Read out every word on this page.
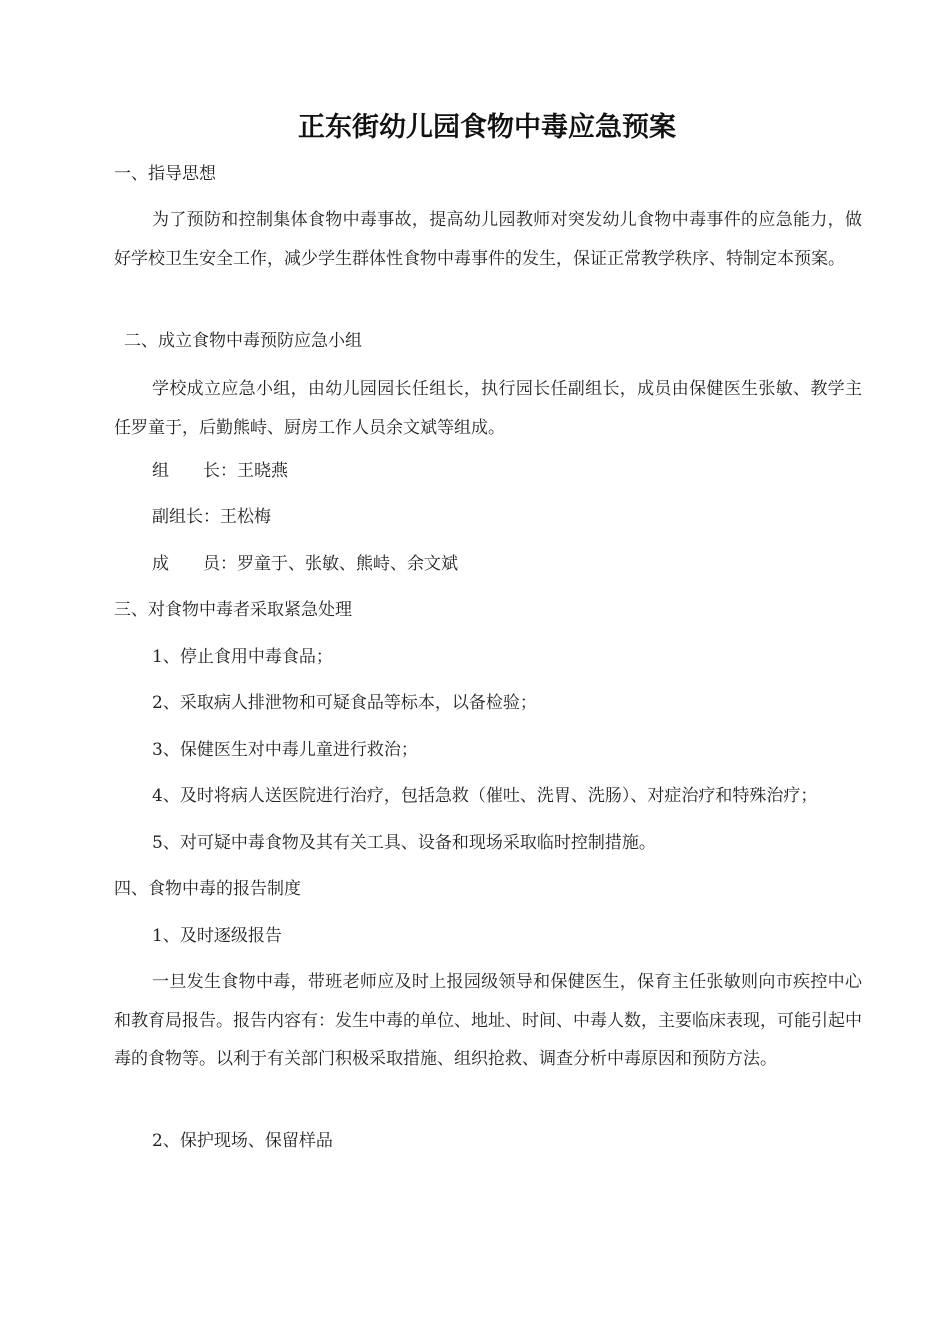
正东街幼儿园食物中毒应急预案

一、指导思想

为了预防和控制集体食物中毒事故，提高幼儿园教师对突发幼儿食物中毒事件的应急能力，做好学校卫生安全工作，减少学生群体性食物中毒事件的发生，保证正常教学秩序、特制定本预案。

二、成立食物中毒预防应急小组

学校成立应急小组，由幼儿园园长任组长，执行园长任副组长，成员由保健医生张敏、教学主任罗童于，后勤熊峙、厨房工作人员余文斌等组成。

组　　长：王晓燕

副组长：王松梅

成　　员：罗童于、张敏、熊峙、余文斌

三、对食物中毒者采取紧急处理

1、停止食用中毒食品；

2、采取病人排泄物和可疑食品等标本，以备检验；

3、保健医生对中毒儿童进行救治；

4、及时将病人送医院进行治疗，包括急救（催吐、洗胃、洗肠）、对症治疗和特殊治疗；

5、对可疑中毒食物及其有关工具、设备和现场采取临时控制措施。

四、食物中毒的报告制度

1、及时逐级报告

一旦发生食物中毒，带班老师应及时上报园级领导和保健医生，保育主任张敏则向市疾控中心和教育局报告。报告内容有：发生中毒的单位、地址、时间、中毒人数，主要临床表现，可能引起中毒的食物等。以利于有关部门积极采取措施、组织抢救、调查分析中毒原因和预防方法。

2、保护现场、保留样品
